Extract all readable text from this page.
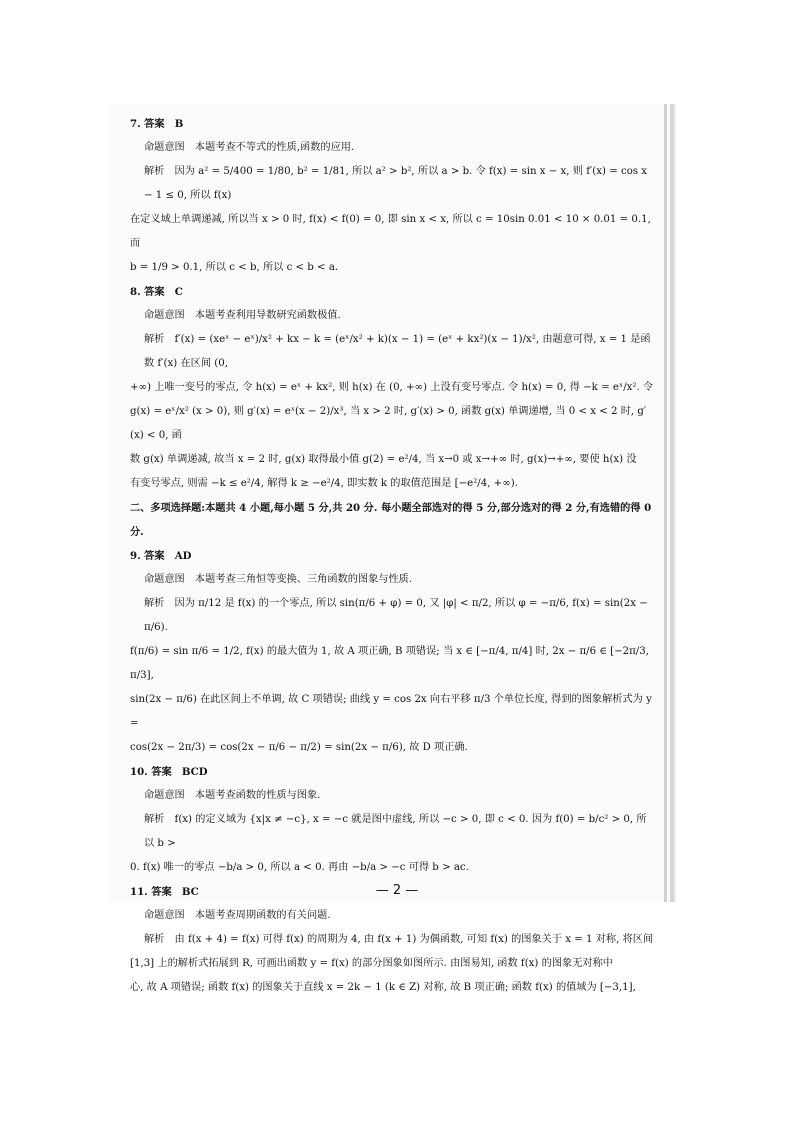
7. 答案　B

命题意图　本题考查不等式的性质,函数的应用.

解析　因为 a² = 5/400 = 1/80, b² = 1/81, 所以 a² > b², 所以 a > b. 令 f(x) = sin x − x, 则 f′(x) = cos x − 1 ≤ 0, 所以 f(x)

在定义域上单调递减, 所以当 x > 0 时, f(x) < f(0) = 0, 即 sin x < x, 所以 c = 10sin 0.01 < 10 × 0.01 = 0.1, 而

b = 1/9 > 0.1, 所以 c < b, 所以 c < b < a.

8. 答案　C

命题意图　本题考查利用导数研究函数极值.

解析　f′(x) = (xeˣ − eˣ)/x² + kx − k = (eˣ/x² + k)(x − 1) = (eˣ + kx²)(x − 1)/x², 由题意可得, x = 1 是函数 f′(x) 在区间 (0,

+∞) 上唯一变号的零点, 令 h(x) = eˣ + kx², 则 h(x) 在 (0, +∞) 上没有变号零点. 令 h(x) = 0, 得 −k = eˣ/x². 令

g(x) = eˣ/x² (x > 0), 则 g′(x) = eˣ(x − 2)/x³, 当 x > 2 时, g′(x) > 0, 函数 g(x) 单调递增, 当 0 < x < 2 时, g′(x) < 0, 函

数 g(x) 单调递减, 故当 x = 2 时, g(x) 取得最小值 g(2) = e²/4, 当 x→0 或 x→+∞ 时, g(x)→+∞, 要使 h(x) 没

有变号零点, 则需 −k ≤ e²/4, 解得 k ≥ −e²/4, 即实数 k 的取值范围是 [−e²/4, +∞).

二、多项选择题:本题共 4 小题,每小题 5 分,共 20 分. 每小题全部选对的得 5 分,部分选对的得 2 分,有选错的得 0 分.

9. 答案　AD

命题意图　本题考查三角恒等变换、三角函数的图象与性质.

解析　因为 π/12 是 f(x) 的一个零点, 所以 sin(π/6 + φ) = 0, 又 |φ| < π/2, 所以 φ = −π/6, f(x) = sin(2x − π/6).

f(π/6) = sin π/6 = 1/2, f(x) 的最大值为 1, 故 A 项正确, B 项错误; 当 x ∈ [−π/4, π/4] 时, 2x − π/6 ∈ [−2π/3, π/3],

sin(2x − π/6) 在此区间上不单调, 故 C 项错误; 曲线 y = cos 2x 向右平移 π/3 个单位长度, 得到的图象解析式为 y =

cos(2x − 2π/3) = cos(2x − π/6 − π/2) = sin(2x − π/6), 故 D 项正确.

10. 答案　BCD

命题意图　本题考查函数的性质与图象.

解析　f(x) 的定义域为 {x|x ≠ −c}, x = −c 就是图中虚线, 所以 −c > 0, 即 c < 0. 因为 f(0) = b/c² > 0, 所以 b >

0. f(x) 唯一的零点 −b/a > 0, 所以 a < 0. 再由 −b/a > −c 可得 b > ac.

11. 答案　BC

命题意图　本题考查周期函数的有关问题.

解析　由 f(x + 4) = f(x) 可得 f(x) 的周期为 4, 由 f(x + 1) 为偶函数, 可知 f(x) 的图象关于 x = 1 对称, 将区间

[1,3] 上的解析式拓展到 R, 可画出函数 y = f(x) 的部分图象如图所示. 由图易知, 函数 f(x) 的图象无对称中

心, 故 A 项错误; 函数 f(x) 的图象关于直线 x = 2k − 1 (k ∈ Z) 对称, 故 B 项正确; 函数 f(x) 的值域为 [−3,1],

— 2 —
